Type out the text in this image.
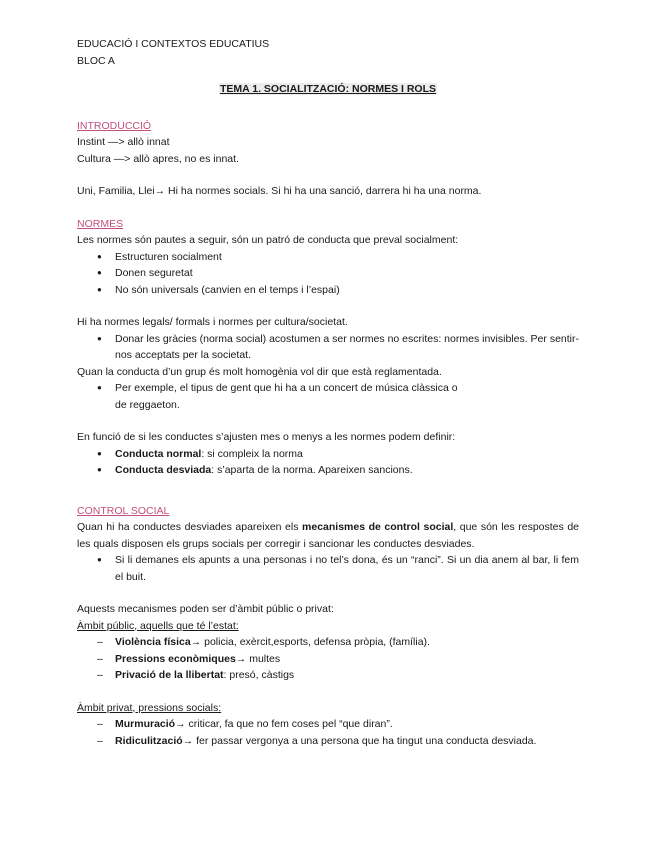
EDUCACIÓ I CONTEXTOS EDUCATIUS

BLOC A

TEMA 1. SOCIALITZACIÓ: NORMES I ROLS

INTRODUCCIÓ

Instint —> allò innat

Cultura —> allò apres, no es innat.

Uni, Familia, Llei→ Hi ha normes socials. Si hi ha una sanció, darrera hi ha una norma.

NORMES

Les normes són pautes a seguir, són un patró de conducta que preval socialment:

● Estructuren socialment
● Donen seguretat
● No són universals (canvien en el temps i l’espai)

Hi ha normes legals/ formals i normes per cultura/societat.

● Donar les gràcies (norma social) acostumen a ser normes no escrites: normes invisibles. Per sentir-nos acceptats per la societat.

Quan la conducta d’un grup és molt homogènia vol dir que està reglamentada.

● Per exemple, el tipus de gent que hi ha a un concert de música clàssica o de reggaeton.

En funció de si les conductes s’ajusten mes o menys a les normes podem definir:

● Conducta normal: si compleix la norma
● Conducta desviada: s’aparta de la norma. Apareixen sancions.

CONTROL SOCIAL

Quan hi ha conductes desviades apareixen els mecanismes de control social, que són les respostes de les quals disposen els grups socials per corregir i sancionar les conductes desviades.

● Si li demanes els apunts a una personas i no tel’s dona, és un “ranci”. Si un dia anem al bar, li fem el buit.

Aquests mecanismes poden ser d’àmbit públic o privat:

Àmbit públic, aquells que té l’estat:

– Violència física→ policia, exèrcit,esports, defensa pròpia, (família).
– Pressions econòmiques→ multes
– Privació de la llibertat: presó, càstigs

Àmbit privat, pressions socials:

– Murmuració→ criticar, fa que no fem coses pel “que diran”.
– Ridiculització→ fer passar vergonya a una persona que ha tingut una conducta desviada.
